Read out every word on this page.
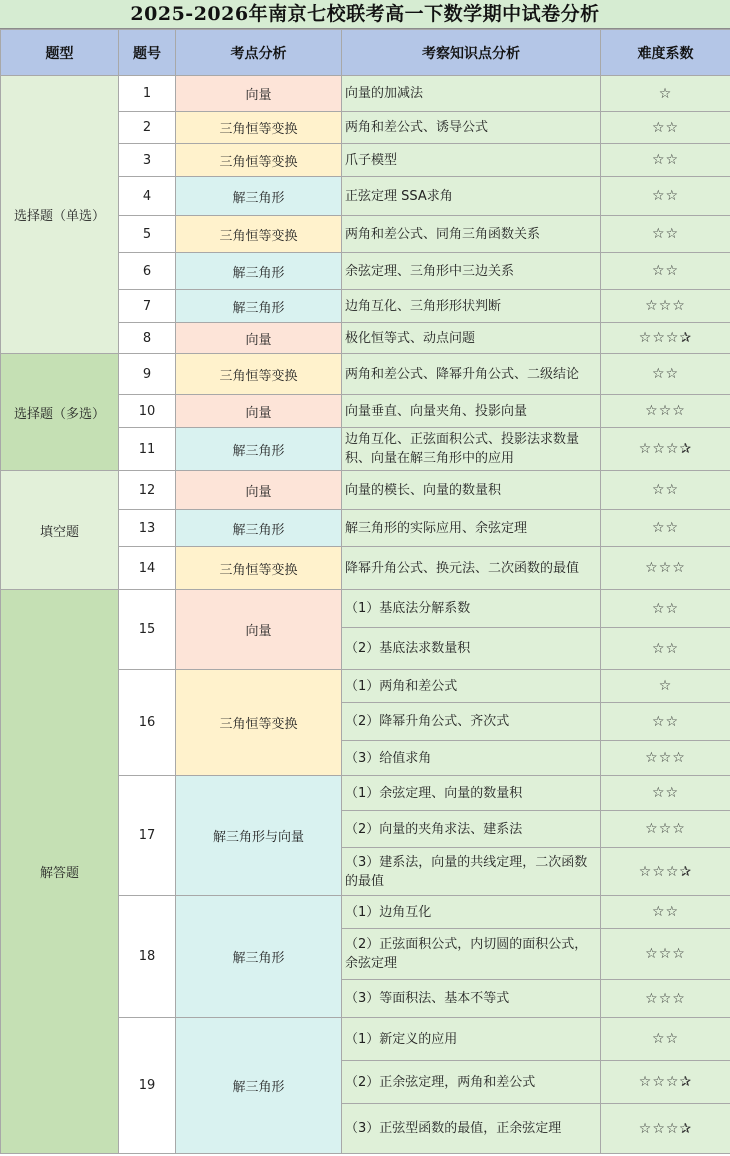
2025-2026年南京七校联考高一下数学期中试卷分析
题型	题号	考点分析	考察知识点分析	难度系数
选择题（单选）	1	向量	向量的加减法	☆
	2	三角恒等变换	两角和差公式、诱导公式	☆☆
	3	三角恒等变换	爪子模型	☆☆
	4	解三角形	正弦定理 SSA求角	☆☆
	5	三角恒等变换	两角和差公式、同角三角函数关系	☆☆
	6	解三角形	余弦定理、三角形中三边关系	☆☆
	7	解三角形	边角互化、三角形形状判断	☆☆☆
	8	向量	极化恒等式、动点问题	☆☆☆✰
选择题（多选）	9	三角恒等变换	两角和差公式、降幂升角公式、二级结论	☆☆
	10	向量	向量垂直、向量夹角、投影向量	☆☆☆
	11	解三角形	边角互化、正弦面积公式、投影法求数量积、向量在解三角形中的应用	☆☆☆✰
填空题	12	向量	向量的模长、向量的数量积	☆☆
	13	解三角形	解三角形的实际应用、余弦定理	☆☆
	14	三角恒等变换	降幂升角公式、换元法、二次函数的最值	☆☆☆
解答题	15	向量	（1）基底法分解系数	☆☆
			（2）基底法求数量积	☆☆
	16	三角恒等变换	（1）两角和差公式	☆
			（2）降幂升角公式、齐次式	☆☆
			（3）给值求角	☆☆☆
	17	解三角形与向量	（1）余弦定理、向量的数量积	☆☆
			（2）向量的夹角求法、建系法	☆☆☆
			（3）建系法，向量的共线定理，二次函数的最值	☆☆☆✰
	18	解三角形	（1）边角互化	☆☆
			（2）正弦面积公式，内切圆的面积公式，余弦定理	☆☆☆
			（3）等面积法、基本不等式	☆☆☆
	19	解三角形	（1）新定义的应用	☆☆
			（2）正余弦定理，两角和差公式	☆☆☆✰
			（3）正弦型函数的最值，正余弦定理	☆☆☆✰
